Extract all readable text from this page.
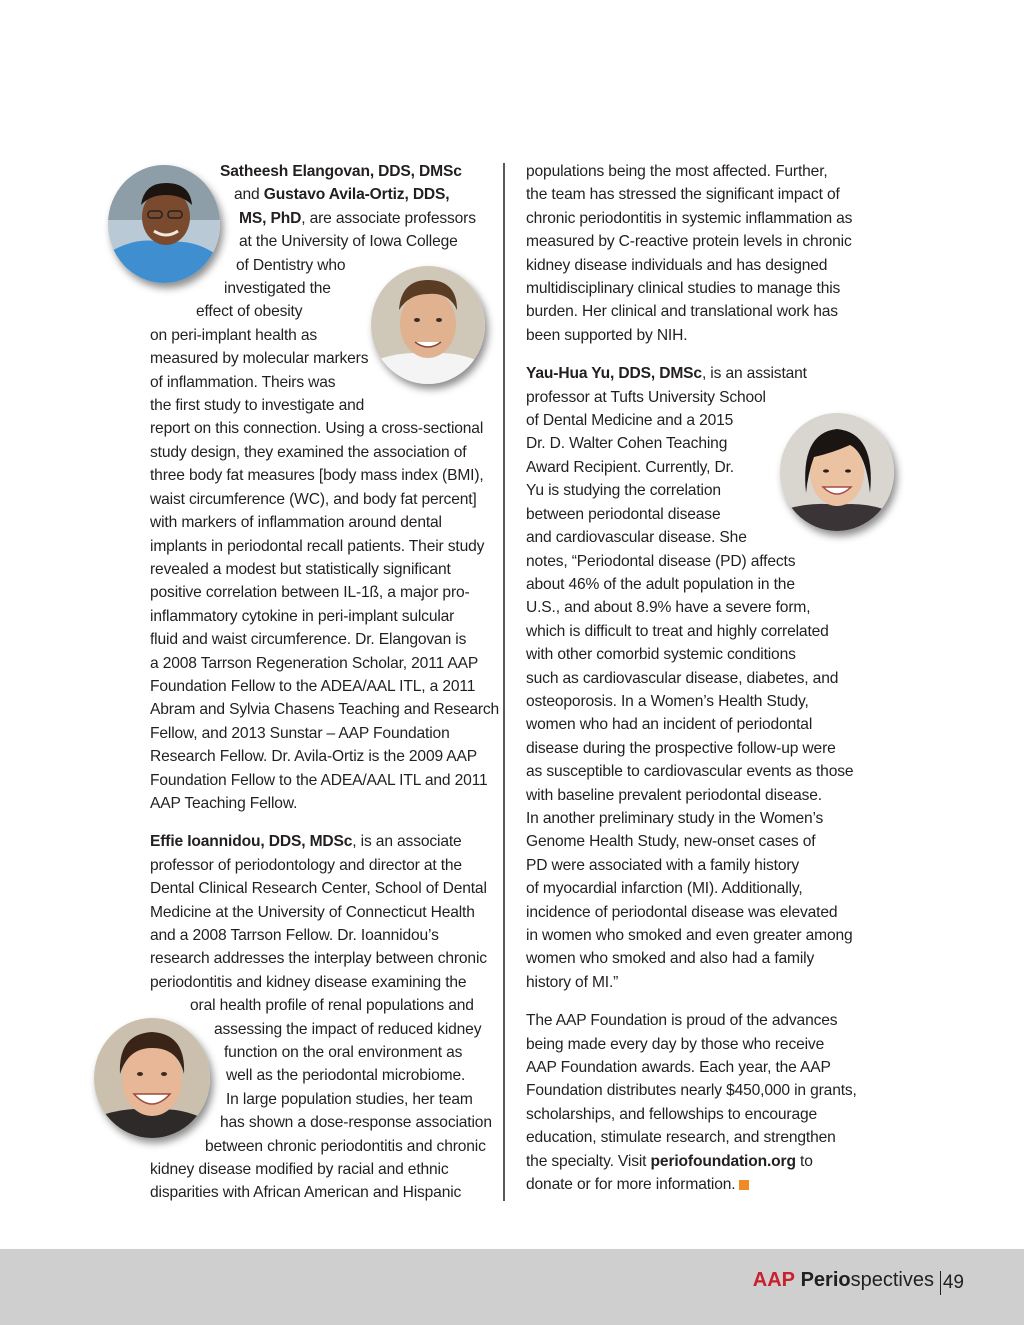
Satheesh Elangovan, DDS, DMSc
and Gustavo Avila-Ortiz, DDS,
MS, PhD, are associate professors
at the University of Iowa College
of Dentistry who
investigated the
effect of obesity
on peri-implant health as
measured by molecular markers
of inflammation. Theirs was
the first study to investigate and
report on this connection. Using a cross-sectional
study design, they examined the association of
three body fat measures [body mass index (BMI),
waist circumference (WC), and body fat percent]
with markers of inflammation around dental
implants in periodontal recall patients. Their study
revealed a modest but statistically significant
positive correlation between IL-1ß, a major pro-
inflammatory cytokine in peri-implant sulcular
fluid and waist circumference. Dr. Elangovan is
a 2008 Tarrson Regeneration Scholar, 2011 AAP
Foundation Fellow to the ADEA/AAL ITL, a 2011
Abram and Sylvia Chasens Teaching and Research
Fellow, and 2013 Sunstar – AAP Foundation
Research Fellow. Dr. Avila-Ortiz is the 2009 AAP
Foundation Fellow to the ADEA/AAL ITL and 2011
AAP Teaching Fellow.

Effie Ioannidou, DDS, MDSc, is an associate
professor of periodontology and director at the
Dental Clinical Research Center, School of Dental
Medicine at the University of Connecticut Health
and a 2008 Tarrson Fellow. Dr. Ioannidou’s
research addresses the interplay between chronic
periodontitis and kidney disease examining the
oral health profile of renal populations and
assessing the impact of reduced kidney
function on the oral environment as
well as the periodontal microbiome.
In large population studies, her team
has shown a dose-response association
between chronic periodontitis and chronic
kidney disease modified by racial and ethnic
disparities with African American and Hispanic

populations being the most affected. Further,
the team has stressed the significant impact of
chronic periodontitis in systemic inflammation as
measured by C-reactive protein levels in chronic
kidney disease individuals and has designed
multidisciplinary clinical studies to manage this
burden. Her clinical and translational work has
been supported by NIH.

Yau-Hua Yu, DDS, DMSc, is an assistant
professor at Tufts University School
of Dental Medicine and a 2015
Dr. D. Walter Cohen Teaching
Award Recipient. Currently, Dr.
Yu is studying the correlation
between periodontal disease
and cardiovascular disease. She
notes, “Periodontal disease (PD) affects
about 46% of the adult population in the
U.S., and about 8.9% have a severe form,
which is difficult to treat and highly correlated
with other comorbid systemic conditions
such as cardiovascular disease, diabetes, and
osteoporosis. In a Women’s Health Study,
women who had an incident of periodontal
disease during the prospective follow-up were
as susceptible to cardiovascular events as those
with baseline prevalent periodontal disease.
In another preliminary study in the Women’s
Genome Health Study, new-onset cases of
PD were associated with a family history
of myocardial infarction (MI). Additionally,
incidence of periodontal disease was elevated
in women who smoked and even greater among
women who smoked and also had a family
history of MI.”

The AAP Foundation is proud of the advances
being made every day by those who receive
AAP Foundation awards. Each year, the AAP
Foundation distributes nearly $450,000 in grants,
scholarships, and fellowships to encourage
education, stimulate research, and strengthen
the specialty. Visit periofoundation.org to
donate or for more information.

AAP Periospectives 49
